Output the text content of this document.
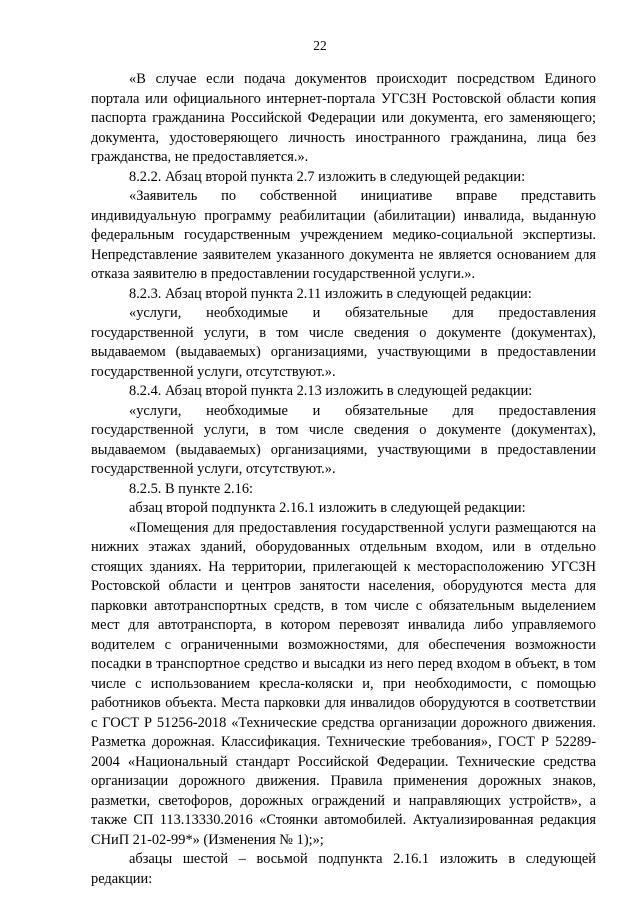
22

«В случае если подача документов происходит посредством Единого портала или официального интернет-портала УГСЗН Ростовской области копия паспорта гражданина Российской Федерации или документа, его заменяющего; документа, удостоверяющего личность иностранного гражданина, лица без гражданства, не предоставляется.».

8.2.2. Абзац второй пункта 2.7 изложить в следующей редакции:

«Заявитель по собственной инициативе вправе представить индивидуальную программу реабилитации (абилитации) инвалида, выданную федеральным государственным учреждением медико-социальной экспертизы. Непредставление заявителем указанного документа не является основанием для отказа заявителю в предоставлении государственной услуги.».

8.2.3. Абзац второй пункта 2.11 изложить в следующей редакции:

«услуги, необходимые и обязательные для предоставления государственной услуги, в том числе сведения о документе (документах), выдаваемом (выдаваемых) организациями, участвующими в предоставлении государственной услуги, отсутствуют.».

8.2.4. Абзац второй пункта 2.13 изложить в следующей редакции:

«услуги, необходимые и обязательные для предоставления государственной услуги, в том числе сведения о документе (документах), выдаваемом (выдаваемых) организациями, участвующими в предоставлении государственной услуги, отсутствуют.».

8.2.5. В пункте 2.16:

абзац второй подпункта 2.16.1 изложить в следующей редакции:

«Помещения для предоставления государственной услуги размещаются на нижних этажах зданий, оборудованных отдельным входом, или в отдельно стоящих зданиях. На территории, прилегающей к месторасположению УГСЗН Ростовской области и центров занятости населения, оборудуются места для парковки автотранспортных средств, в том числе с обязательным выделением мест для автотранспорта, в котором перевозят инвалида либо управляемого водителем с ограниченными возможностями, для обеспечения возможности посадки в транспортное средство и высадки из него перед входом в объект, в том числе с использованием кресла-коляски и, при необходимости, с помощью работников объекта. Места парковки для инвалидов оборудуются в соответствии с ГОСТ Р 51256-2018 «Технические средства организации дорожного движения. Разметка дорожная. Классификация. Технические требования», ГОСТ Р 52289-2004 «Национальный стандарт Российской Федерации. Технические средства организации дорожного движения. Правила применения дорожных знаков, разметки, светофоров, дорожных ограждений и направляющих устройств», а также СП 113.13330.2016 «Стоянки автомобилей. Актуализированная редакция СНиП 21-02-99*» (Изменения № 1);»;

абзацы шестой – восьмой подпункта 2.16.1 изложить в следующей редакции:
